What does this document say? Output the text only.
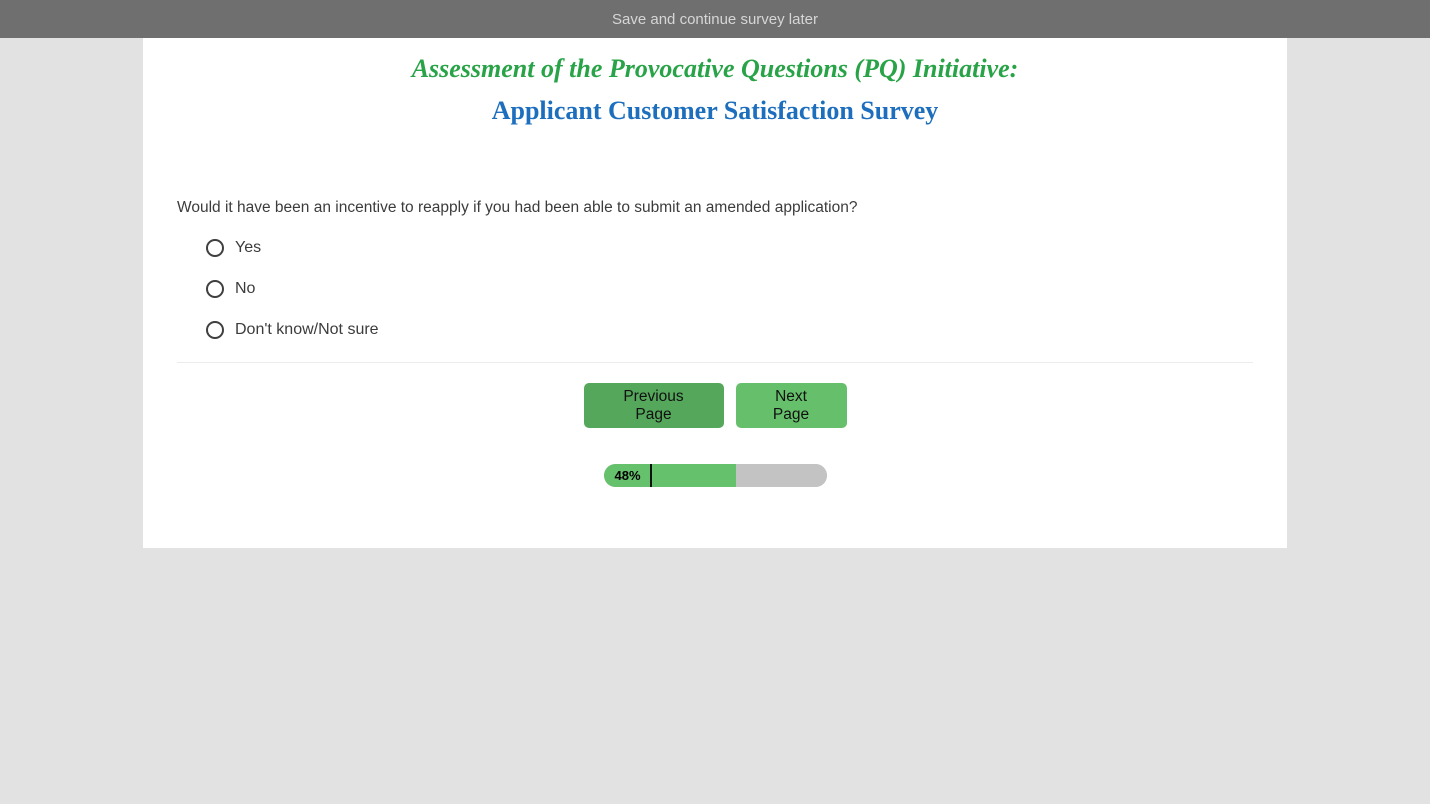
Save and continue survey later
Assessment of the Provocative Questions (PQ) Initiative:
Applicant Customer Satisfaction Survey
Would it have been an incentive to reapply if you had been able to submit an amended application?
Yes
No
Don't know/Not sure
Previous Page
Next Page
48%
